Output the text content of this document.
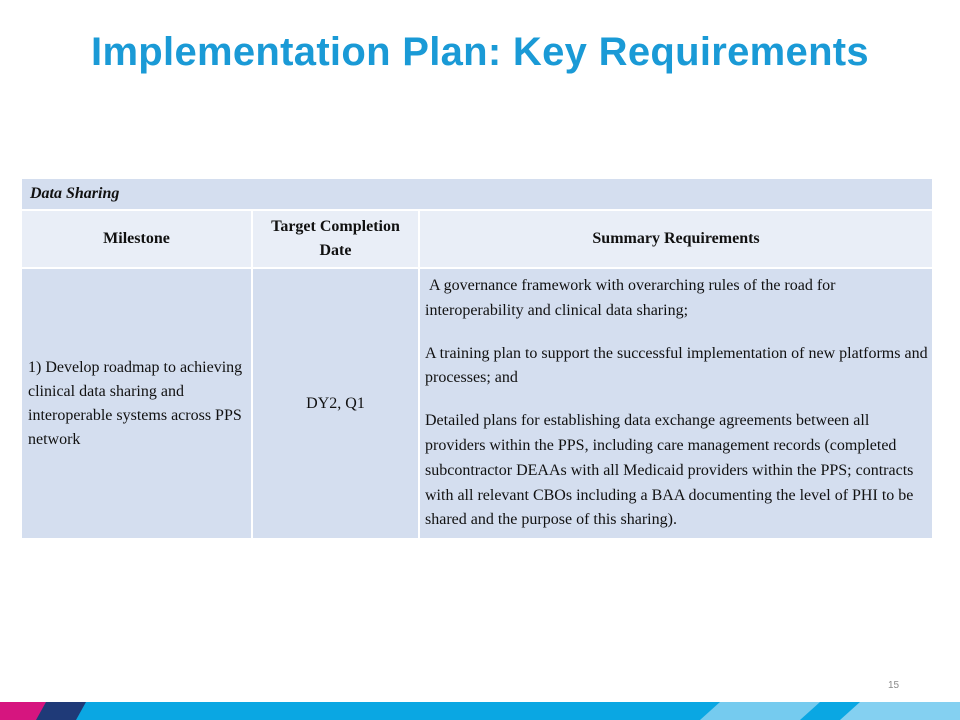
Implementation Plan: Key Requirements
Data Sharing		
Milestone	Target Completion Date	Summary Requirements
1) Develop roadmap to achieving clinical data sharing and interoperable systems across PPS network	DY2, Q1	A governance framework with overarching rules of the road for interoperability and clinical data sharing;

A training plan to support the successful implementation of new platforms and processes; and

Detailed plans for establishing data exchange agreements between all providers within the PPS, including care management records (completed subcontractor DEAAs with all Medicaid providers within the PPS; contracts with all relevant CBOs including a BAA documenting the level of PHI to be shared and the purpose of this sharing).

15
